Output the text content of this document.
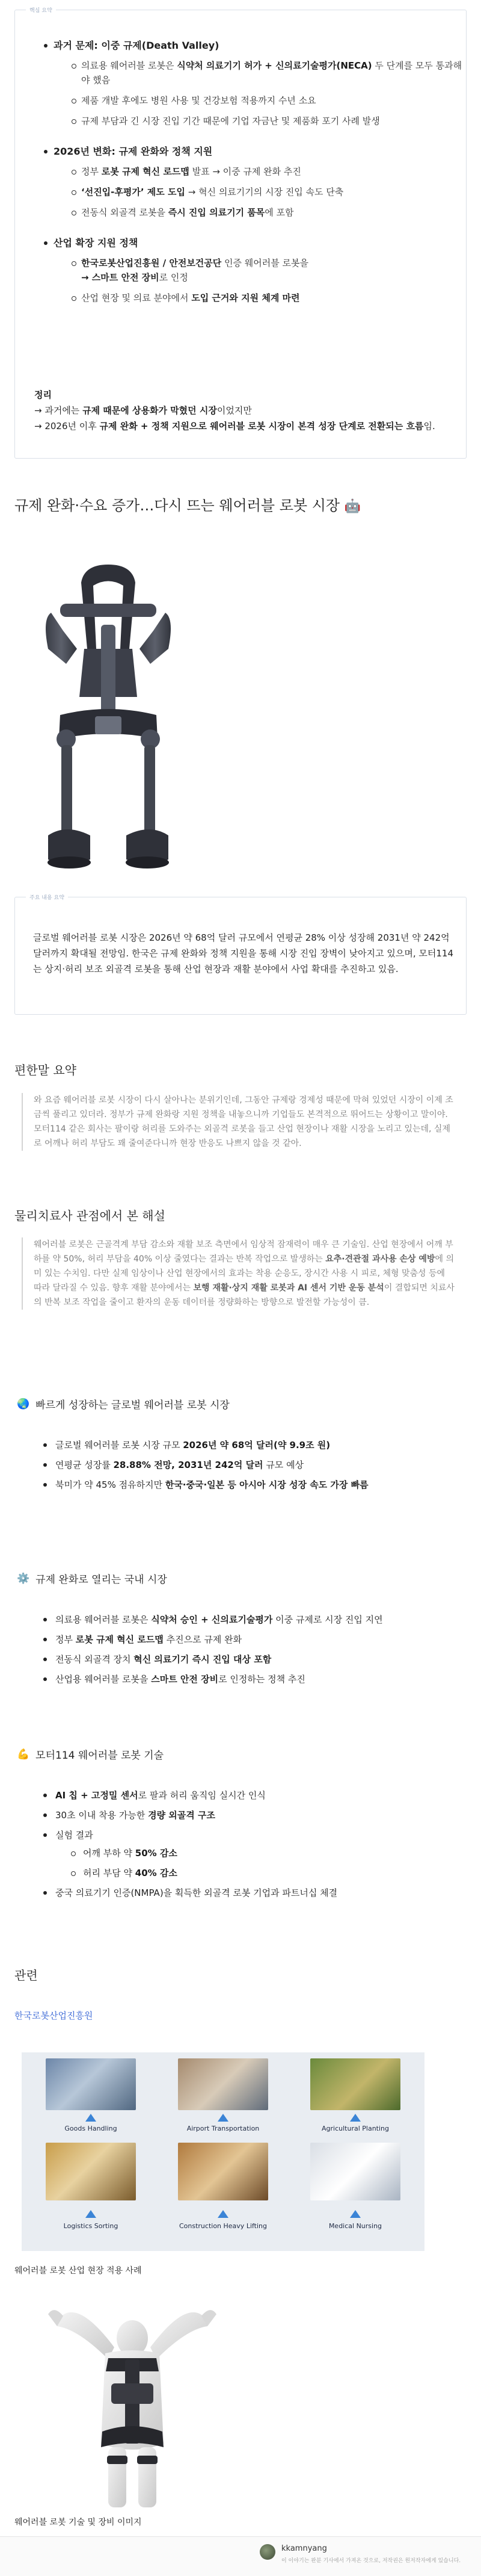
핵심 요약
과거 문제: 이중 규제(Death Valley)
의료용 웨어러블 로봇은 식약처 의료기기 허가 + 신의료기술평가(NECA) 두 단계를 모두 통과해야 했음
제품 개발 후에도 병원 사용 및 건강보험 적용까지 수년 소요
규제 부담과 긴 시장 진입 기간 때문에 기업 자금난 및 제품화 포기 사례 발생
2026년 변화: 규제 완화와 정책 지원
정부 로봇 규제 혁신 로드맵 발표 → 이중 규제 완화 추진
‘선진입-후평가’ 제도 도입 → 혁신 의료기기의 시장 진입 속도 단축
전동식 외골격 로봇을 즉시 진입 의료기기 품목에 포함
산업 확장 지원 정책
한국로봇산업진흥원 / 안전보건공단 인증 웨어러블 로봇을
→ 스마트 안전 장비로 인정
산업 현장 및 의료 분야에서 도입 근거와 지원 체계 마련
정리
→ 과거에는 규제 때문에 상용화가 막혔던 시장이었지만
→ 2026년 이후 규제 완화 + 정책 지원으로 웨어러블 로봇 시장이 본격 성장 단계로 전환되는 흐름임.
규제 완화·수요 증가…다시 뜨는 웨어러블 로봇 시장 🤖
주요 내용 요약
글로벌 웨어러블 로봇 시장은 2026년 약 68억 달러 규모에서 연평균 28% 이상 성장해 2031년 약 242억 달러까지 확대될 전망임. 한국은 규제 완화와 정책 지원을 통해 시장 진입 장벽이 낮아지고 있으며, 모터114는 상지·허리 보조 외골격 로봇을 통해 산업 현장과 재활 분야에서 사업 확대를 추진하고 있음.
편한말 요약
와 요즘 웨어러블 로봇 시장이 다시 살아나는 분위기인데, 그동안 규제랑 경제성 때문에 막혀 있었던 시장이 이제 조금씩 풀리고 있더라. 정부가 규제 완화랑 지원 정책을 내놓으니까 기업들도 본격적으로 뛰어드는 상황이고 말이야. 모터114 같은 회사는 팔이랑 허리를 도와주는 외골격 로봇을 들고 산업 현장이나 재활 시장을 노리고 있는데, 실제로 어깨나 허리 부담도 꽤 줄여준다니까 현장 반응도 나쁘지 않을 것 같아.
물리치료사 관점에서 본 해설
웨어러블 로봇은 근골격계 부담 감소와 재활 보조 측면에서 임상적 잠재력이 매우 큰 기술임. 산업 현장에서 어깨 부하를 약 50%, 허리 부담을 40% 이상 줄였다는 결과는 반복 작업으로 발생하는 요추·견관절 과사용 손상 예방에 의미 있는 수치임. 다만 실제 임상이나 산업 현장에서의 효과는 착용 순응도, 장시간 사용 시 피로, 체형 맞춤성 등에 따라 달라질 수 있음. 향후 재활 분야에서는 보행 재활·상지 재활 로봇과 AI 센서 기반 운동 분석이 결합되면 치료사의 반복 보조 작업을 줄이고 환자의 운동 데이터를 정량화하는 방향으로 발전할 가능성이 큼.
🌏 빠르게 성장하는 글로벌 웨어러블 로봇 시장
글로벌 웨어러블 로봇 시장 규모 2026년 약 68억 달러(약 9.9조 원)
연평균 성장률 28.88% 전망, 2031년 242억 달러 규모 예상
북미가 약 45% 점유하지만 한국·중국·일본 등 아시아 시장 성장 속도 가장 빠름
⚙️ 규제 완화로 열리는 국내 시장
의료용 웨어러블 로봇은 식약처 승인 + 신의료기술평가 이중 규제로 시장 진입 지연
정부 로봇 규제 혁신 로드맵 추진으로 규제 완화
전동식 외골격 장치 혁신 의료기기 즉시 진입 대상 포함
산업용 웨어러블 로봇을 스마트 안전 장비로 인정하는 정책 추진
💪 모터114 웨어러블 로봇 기술
AI 칩 + 고정밀 센서로 팔과 허리 움직임 실시간 인식
30초 이내 착용 가능한 경량 외골격 구조
실험 결과
어깨 부하 약 50% 감소
허리 부담 약 40% 감소
중국 의료기기 인증(NMPA)을 획득한 외골격 로봇 기업과 파트너십 체결
관련
한국로봇산업진흥원
Goods Handling	Airport Transportation	Agricultural Planting
Logistics Sorting	Construction Heavy Lifting	Medical Nursing
웨어러블 로봇 산업 현장 적용 사례
웨어러블 로봇 기술 및 장비 이미지
kkamnyang
이 이야기는 완분 기사에서 가져온 것으로, 저작권은 원저작자에게 있습니다.
